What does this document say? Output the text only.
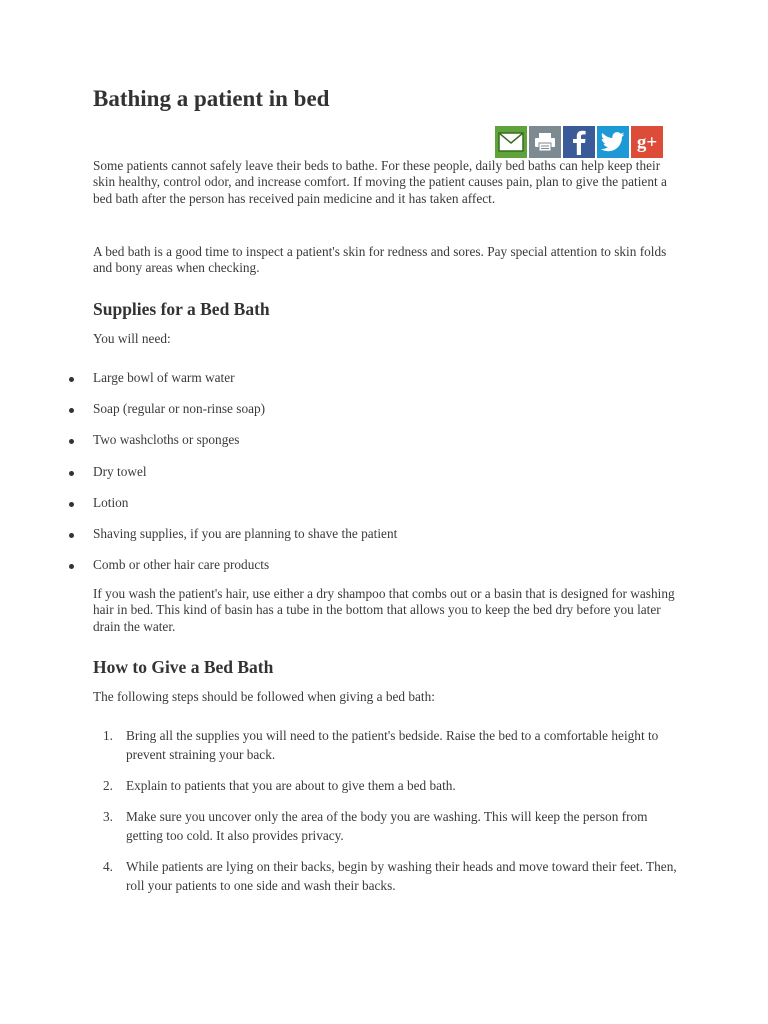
Bathing a patient in bed
g+

Some patients cannot safely leave their beds to bathe. For these people, daily bed baths can help keep their skin healthy, control odor, and increase comfort. If moving the patient causes pain, plan to give the patient a bed bath after the person has received pain medicine and it has taken affect.

A bed bath is a good time to inspect a patient's skin for redness and sores. Pay special attention to skin folds and bony areas when checking.

Supplies for a Bed Bath

You will need:

Large bowl of warm water
Soap (regular or non-rinse soap)
Two washcloths or sponges
Dry towel
Lotion
Shaving supplies, if you are planning to shave the patient
Comb or other hair care products

If you wash the patient's hair, use either a dry shampoo that combs out or a basin that is designed for washing hair in bed. This kind of basin has a tube in the bottom that allows you to keep the bed dry before you later drain the water.

How to Give a Bed Bath

The following steps should be followed when giving a bed bath:

1. Bring all the supplies you will need to the patient's bedside. Raise the bed to a comfortable height to prevent straining your back.
2. Explain to patients that you are about to give them a bed bath.
3. Make sure you uncover only the area of the body you are washing. This will keep the person from getting too cold. It also provides privacy.
4. While patients are lying on their backs, begin by washing their heads and move toward their feet. Then, roll your patients to one side and wash their backs.
